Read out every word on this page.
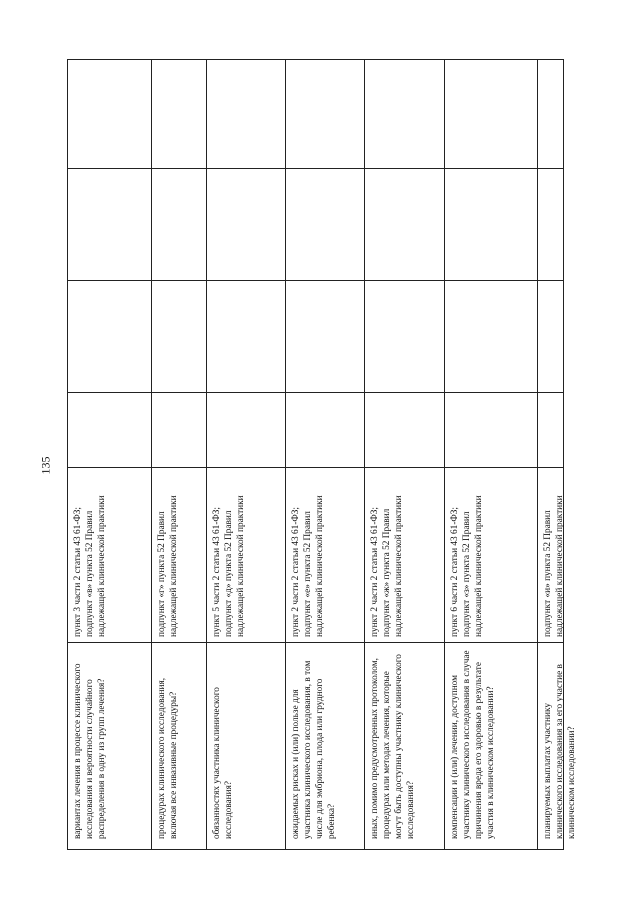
135
вариантах лечения в процессе клинического исследования и вероятности случайного распределения в одну из групп лечения?
пункт 3 части 2 статьи 43 61-ФЗ;
подпункт «в» пункта 52 Правил надлежащей клинической практики
процедурах клинического исследования, включая все инвазивные процедуры?
подпункт «г» пункта 52 Правил надлежащей клинической практики
обязанностях участника клинического исследования?
пункт 5 части 2 статьи 43 61-ФЗ;
подпункт «д» пункта 52 Правил надлежащей клинической практики
ожидаемых рисках и (или) пользе для участника клинического исследования, в том числе для эмбриона, плода или грудного ребенка?
пункт 2 части 2 статьи 43 61-ФЗ;
подпункт «е» пункта 52 Правил надлежащей клинической практики
иных, помимо предусмотренных протоколом, процедурах или методах лечения, которые могут быть доступны участнику клинического исследования?
пункт 2 части 2 статьи 43 61-ФЗ;
подпункт «ж» пункта 52 Правил надлежащей клинической практики
компенсации и (или) лечении, доступном участнику клинического исследования в случае причинения вреда его здоровью в результате участия в клиническом исследовании?
пункт 6 части 2 статьи 43 61-ФЗ;
подпункт «з» пункта 52 Правил надлежащей клинической практики
планируемых выплатах участнику клинического исследования за его участие в клиническом исследовании?
подпункт «и» пункта 52 Правил надлежащей клинической практики
